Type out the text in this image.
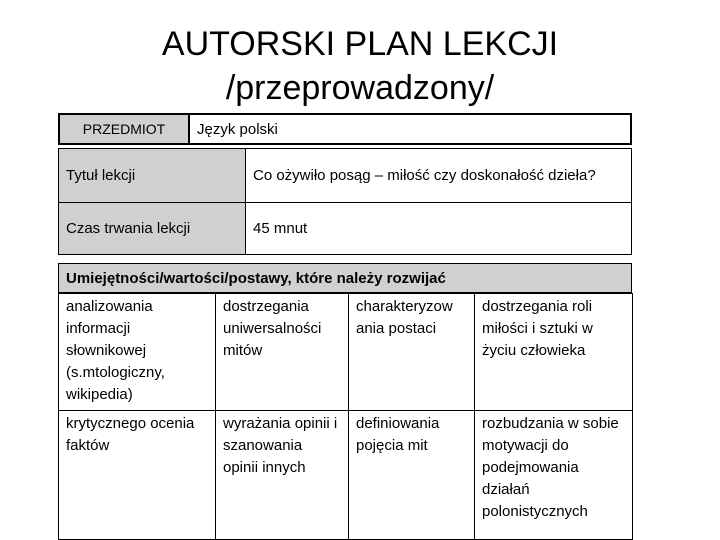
AUTORSKI PLAN LEKCJI
/przeprowadzony/
PRZEDMIOT	Język polski
Tytuł lekcji	Co ożywiło posąg – miłość czy doskonałość dzieła?
Czas trwania lekcji	45 mnut
Umiejętności/wartości/postawy, które należy rozwijać
analizowania informacji słownikowej (s.mtologiczny, wikipedia)	dostrzegania uniwersalności mitów	charakteryzow ania postaci	dostrzegania roli miłości i sztuki w życiu człowieka
krytycznego ocenia faktów	wyrażania opinii i szanowania opinii innych	definiowania pojęcia mit	rozbudzania w sobie motywacji do podejmowania działań polonistycznych
